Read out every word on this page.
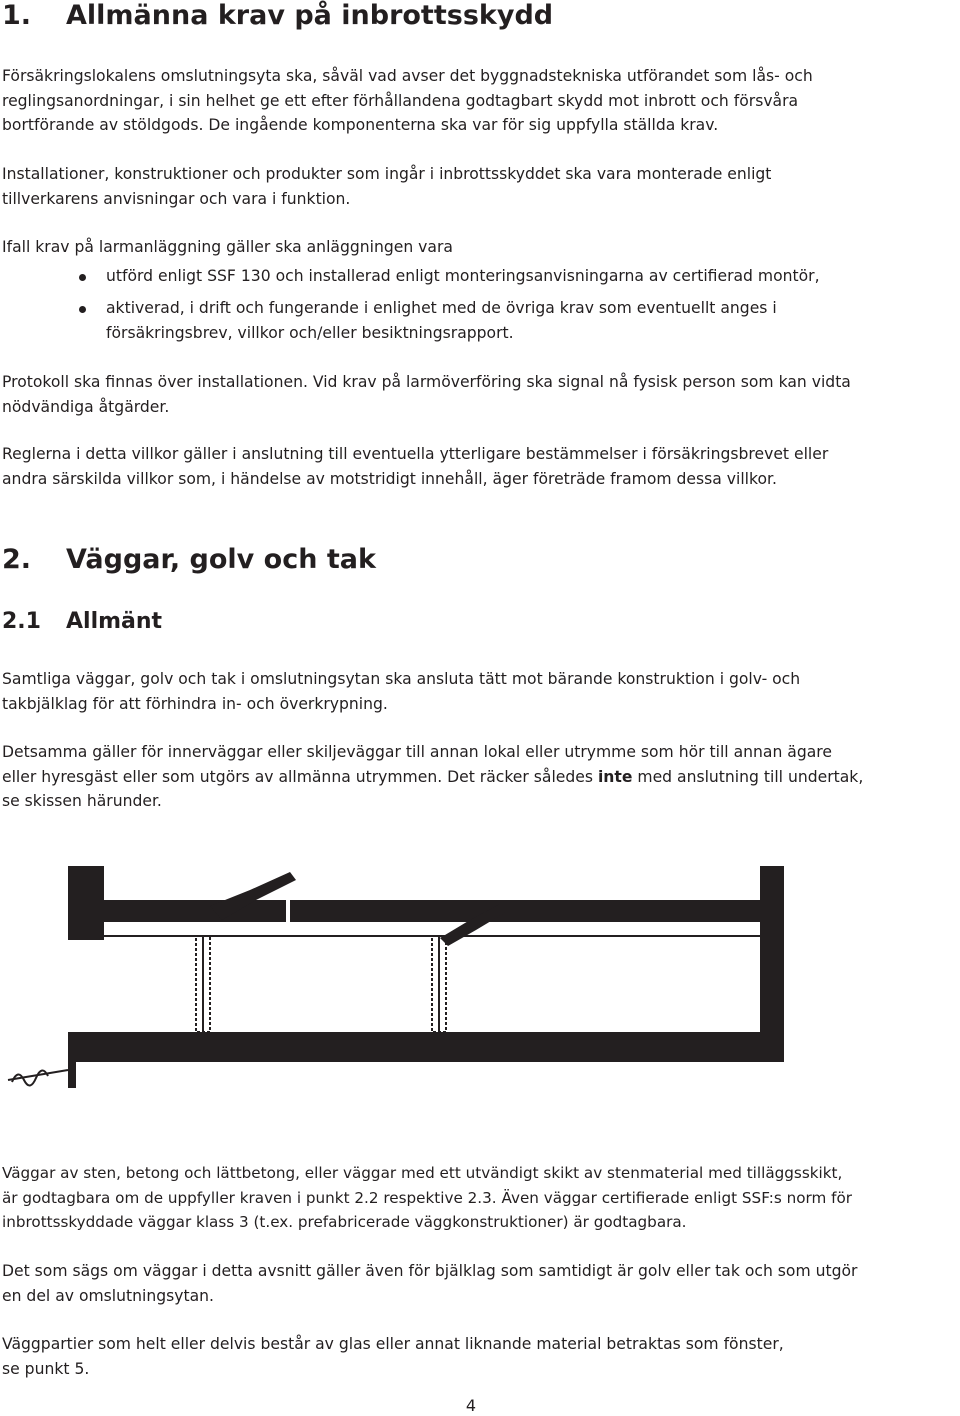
1. Allmänna krav på inbrottsskydd

Försäkringslokalens omslutningsyta ska, såväl vad avser det byggnadstekniska utförandet som lås- och
reglingsanordningar, i sin helhet ge ett efter förhållandena godtagbart skydd mot inbrott och försvåra
bortförande av stöldgods. De ingående komponenterna ska var för sig uppfylla ställda krav.

Installationer, konstruktioner och produkter som ingår i inbrottsskyddet ska vara monterade enligt
tillverkarens anvisningar och vara i funktion.

Ifall krav på larmanläggning gäller ska anläggningen vara

utförd enligt SSF 130 och installerad enligt monteringsanvisningarna av certifierad montör,
aktiverad, i drift och fungerande i enlighet med de övriga krav som eventuellt anges i
försäkringsbrev, villkor och/eller besiktningsrapport.

Protokoll ska finnas över installationen. Vid krav på larmöverföring ska signal nå fysisk person som kan vidta
nödvändiga åtgärder.

Reglerna i detta villkor gäller i anslutning till eventuella ytterligare bestämmelser i försäkringsbrevet eller
andra särskilda villkor som, i händelse av motstridigt innehåll, äger företräde framom dessa villkor.

2. Väggar, golv och tak
2.1 Allmänt

Samtliga väggar, golv och tak i omslutningsytan ska ansluta tätt mot bärande konstruktion i golv- och
takbjälklag för att förhindra in- och överkrypning.

Detsamma gäller för innerväggar eller skiljeväggar till annan lokal eller utrymme som hör till annan ägare
eller hyresgäst eller som utgörs av allmänna utrymmen. Det räcker således inte med anslutning till undertak,
se skissen härunder.

Väggar av sten, betong och lättbetong, eller väggar med ett utvändigt skikt av stenmaterial med tilläggsskikt,
är godtagbara om de uppfyller kraven i punkt 2.2 respektive 2.3. Även väggar certifierade enligt SSF:s norm för
inbrottsskyddade väggar klass 3 (t.ex. prefabricerade väggkonstruktioner) är godtagbara.

Det som sägs om väggar i detta avsnitt gäller även för bjälklag som samtidigt är golv eller tak och som utgör
en del av omslutningsytan.

Väggpartier som helt eller delvis består av glas eller annat liknande material betraktas som fönster,
se punkt 5.

4
